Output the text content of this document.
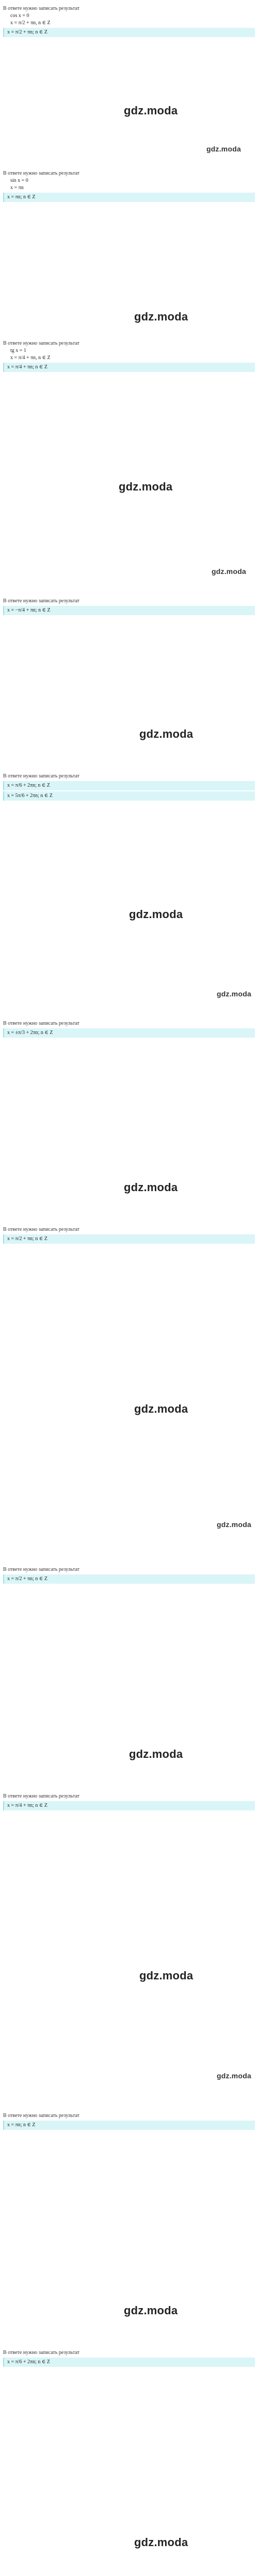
В ответе нужно записать результат
cos x = 0
x = π/2 + πn, n ∈ Z
x = π/2 + πn; n ∈ Z
gdz.moda
gdz.moda
В ответе нужно записать результат
sin x = 0
x = πn
x = πn; n ∈ Z
gdz.moda
В ответе нужно записать результат
tg x = 1
x = π/4 + πn, n ∈ Z
x = π/4 + πn; n ∈ Z
gdz.moda
gdz.moda
В ответе нужно записать результат
x = −π/4 + πn; n ∈ Z
gdz.moda
В ответе нужно записать результат
x = π/6 + 2πn; n ∈ Z
x = 5π/6 + 2πn; n ∈ Z
gdz.moda
gdz.moda
В ответе нужно записать результат
x = ±π/3 + 2πn; n ∈ Z
gdz.moda
В ответе нужно записать результат
x = π/2 + πn; n ∈ Z
gdz.moda
gdz.moda
В ответе нужно записать результат
x = π/2 + πn; n ∈ Z
gdz.moda
В ответе нужно записать результат
x = π/4 + πn; n ∈ Z
gdz.moda
gdz.moda
В ответе нужно записать результат
x = πn; n ∈ Z
gdz.moda
В ответе нужно записать результат
x = π/6 + 2πn; n ∈ Z
gdz.moda
